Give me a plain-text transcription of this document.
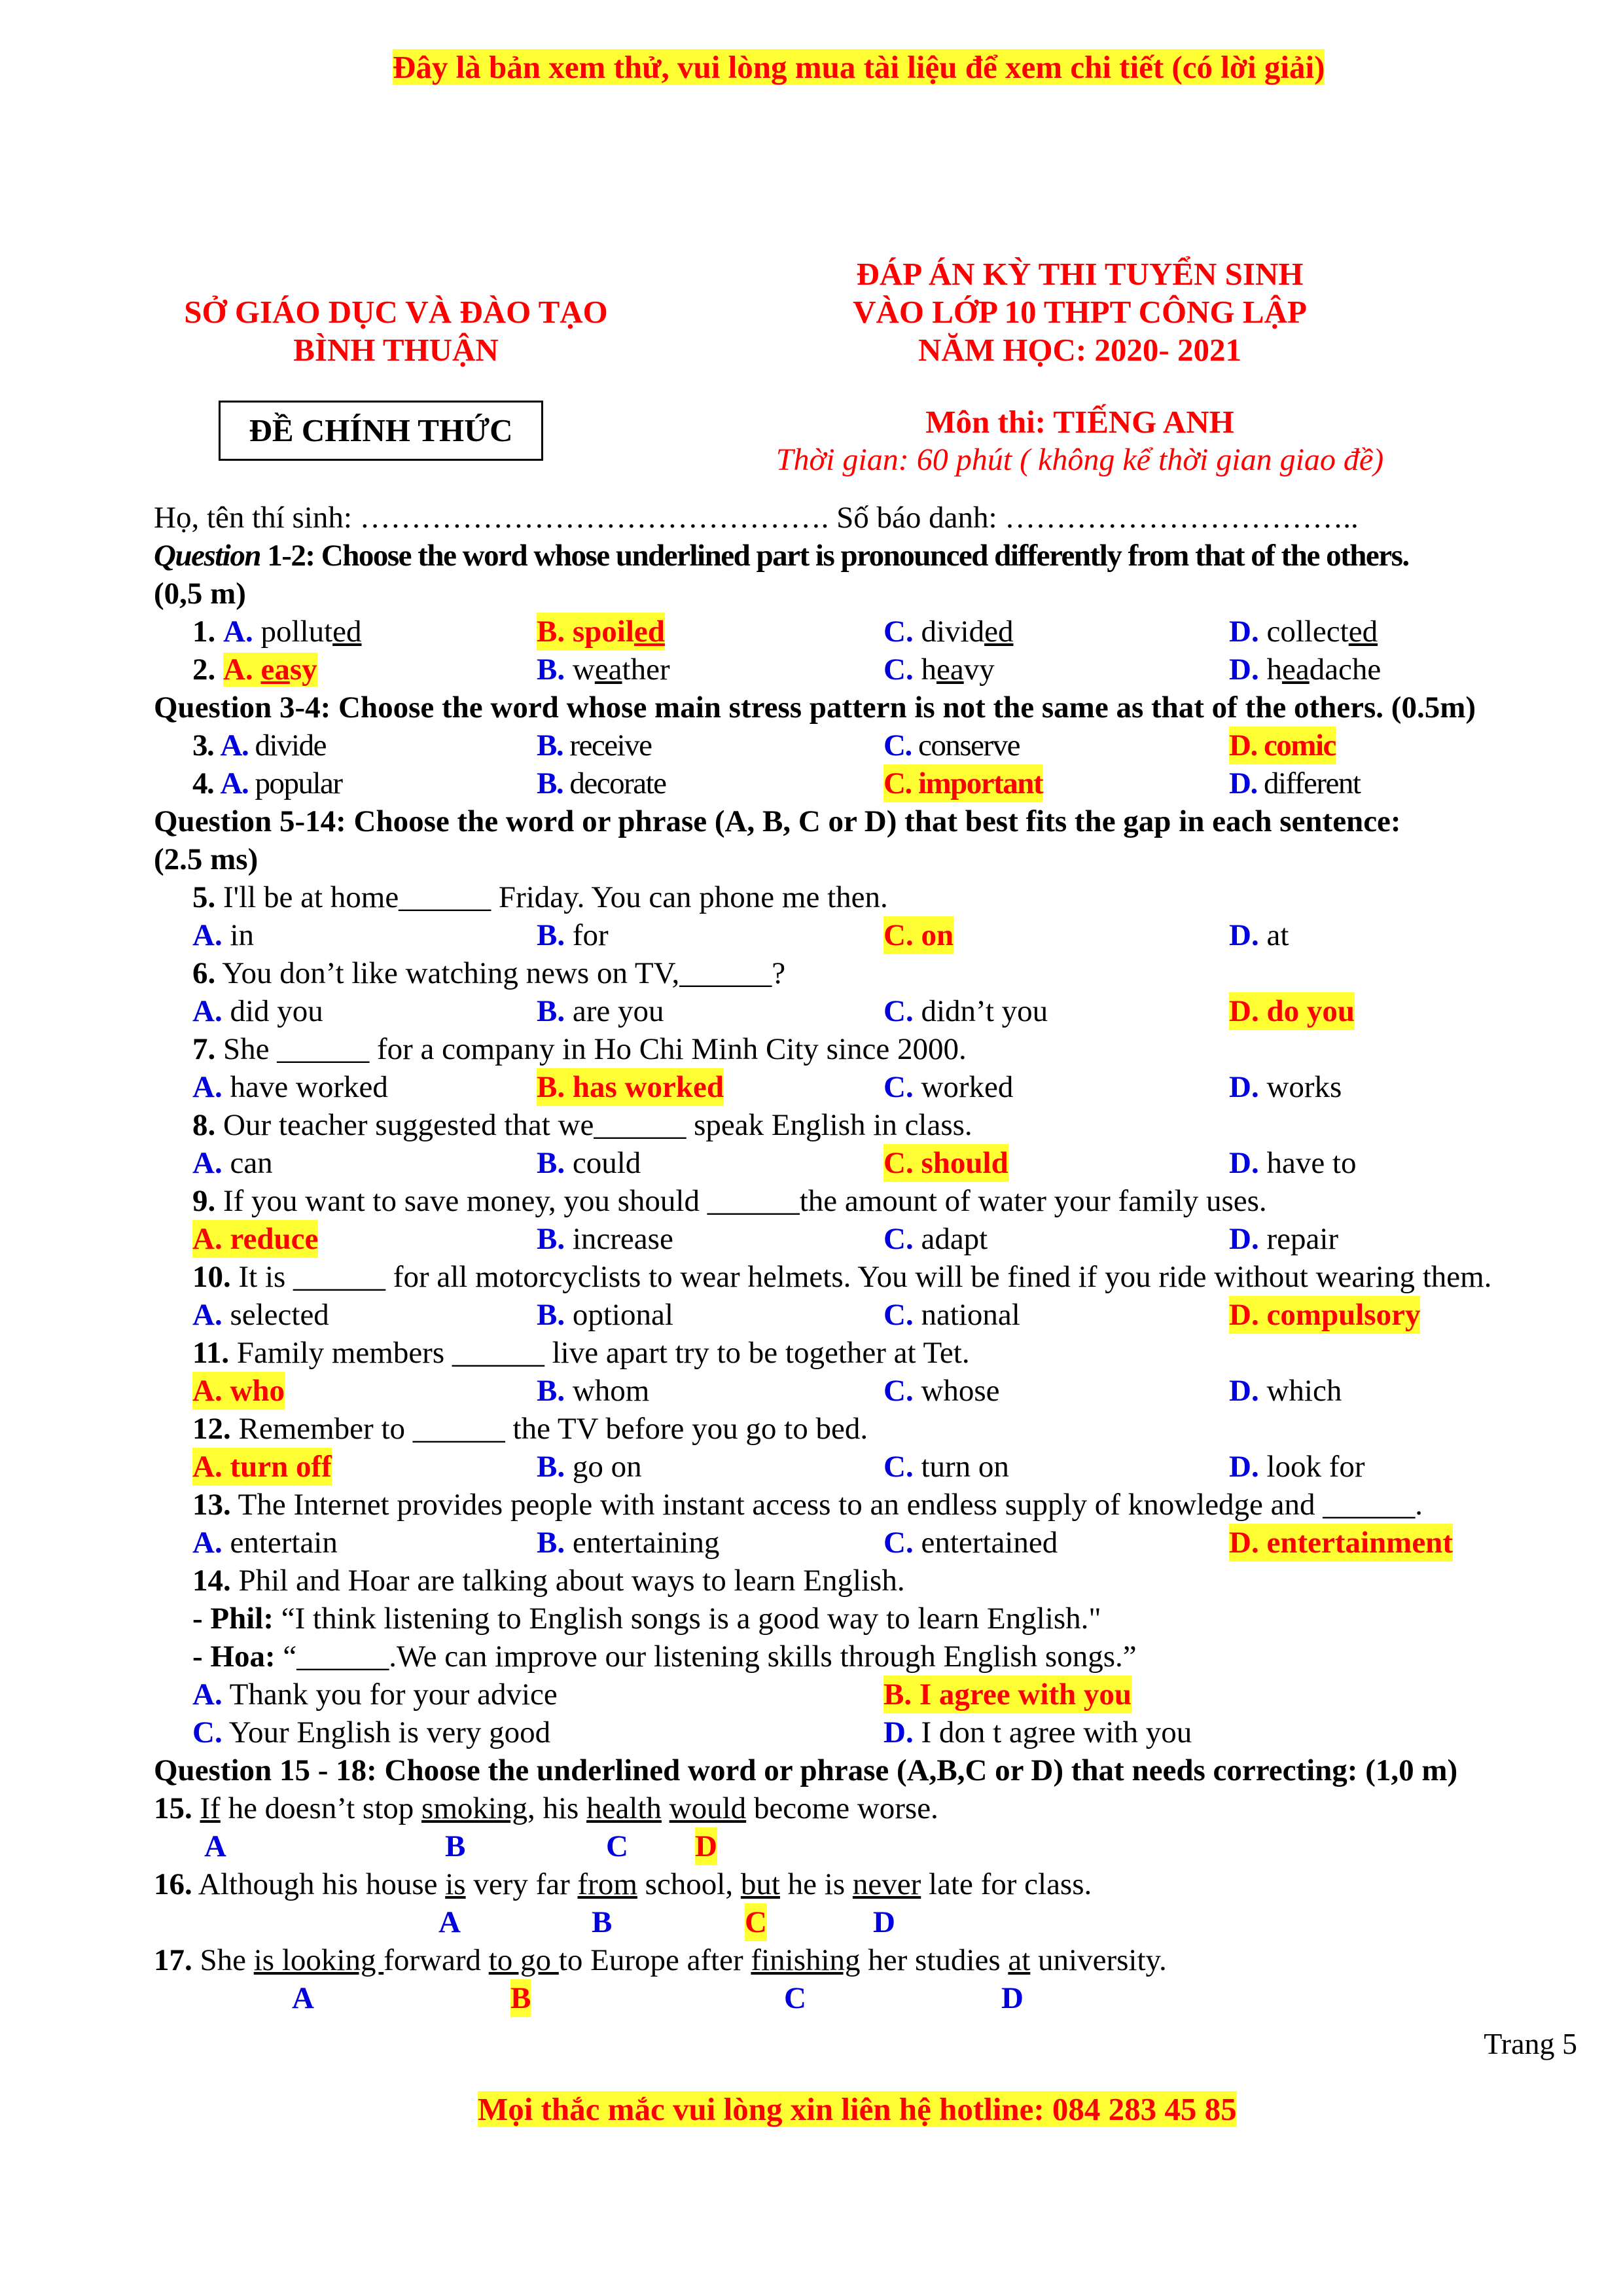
Đây là bản xem thử, vui lòng mua tài liệu để xem chi tiết (có lời giải)
SỞ GIÁO DỤC VÀ ĐÀO TẠO
BÌNH THUẬN
ĐỀ CHÍNH THỨC
ĐÁP ÁN KỲ THI TUYỂN SINH
VÀO LỚP 10 THPT CÔNG LẬP
NĂM HỌC: 2020- 2021
Môn thi: TIẾNG ANH
Thời gian: 60 phút ( không kể thời gian giao đề)
Họ, tên thí sinh: ………………………………………. Số báo danh: ……………………………..
Question 1-2: Choose the word whose underlined part is pronounced differently from that of the others.
(0,5 m)
1. A. polluted	B. spoiled	C. divided	D. collected
2. A. easy	B. weather	C. heavy	D. headache
Question 3-4: Choose the word whose main stress pattern is not the same as that of the others. (0.5m)
3. A. divide	B. receive	C. conserve	D. comic
4. A. popular	B. decorate	C. important	D. different
Question 5-14: Choose the word or phrase (A, B, C or D) that best fits the gap in each sentence:
(2.5 ms)
5. I'll be at home______ Friday. You can phone me then.
A. in	B. for	C. on	D. at
6. You don’t like watching news on TV,______?
A. did you	B. are you	C. didn’t you	D. do you
7. She ______ for a company in Ho Chi Minh City since 2000.
A. have worked	B. has worked	C. worked	D. works
8. Our teacher suggested that we______ speak English in class.
A. can	B. could	C. should	D. have to
9. If you want to save money, you should ______the amount of water your family uses.
A. reduce	B. increase	C. adapt	D. repair
10. It is ______ for all motorcyclists to wear helmets. You will be fined if you ride without wearing them.
A. selected	B. optional	C. national	D. compulsory
11. Family members ______ live apart try to be together at Tet.
A. who	B. whom	C. whose	D. which
12. Remember to ______ the TV before you go to bed.
A. turn off	B. go on	C. turn on	D. look for
13. The Internet provides people with instant access to an endless supply of knowledge and ______.
A. entertain	B. entertaining	C. entertained	D. entertainment
14. Phil and Hoar are talking about ways to learn English.
- Phil: “I think listening to English songs is a good way to learn English."
- Hoa: “______.We can improve our listening skills through English songs.”
A. Thank you for your advice	B. I agree with you
C. Your English is very good	D. I don t agree with you
Question 15 - 18: Choose the underlined word or phrase (A,B,C or D) that needs correcting: (1,0 m)
15. If he doesn’t stop smoking, his health would become worse.
A	B	C D
16. Although his house is very far from school, but he is never late for class.
A	B	C	D
17. She is looking forward to go to Europe after finishing her studies at university.
A	B	C	D
Trang 5
Mọi thắc mắc vui lòng xin liên hệ hotline: 084 283 45 85
